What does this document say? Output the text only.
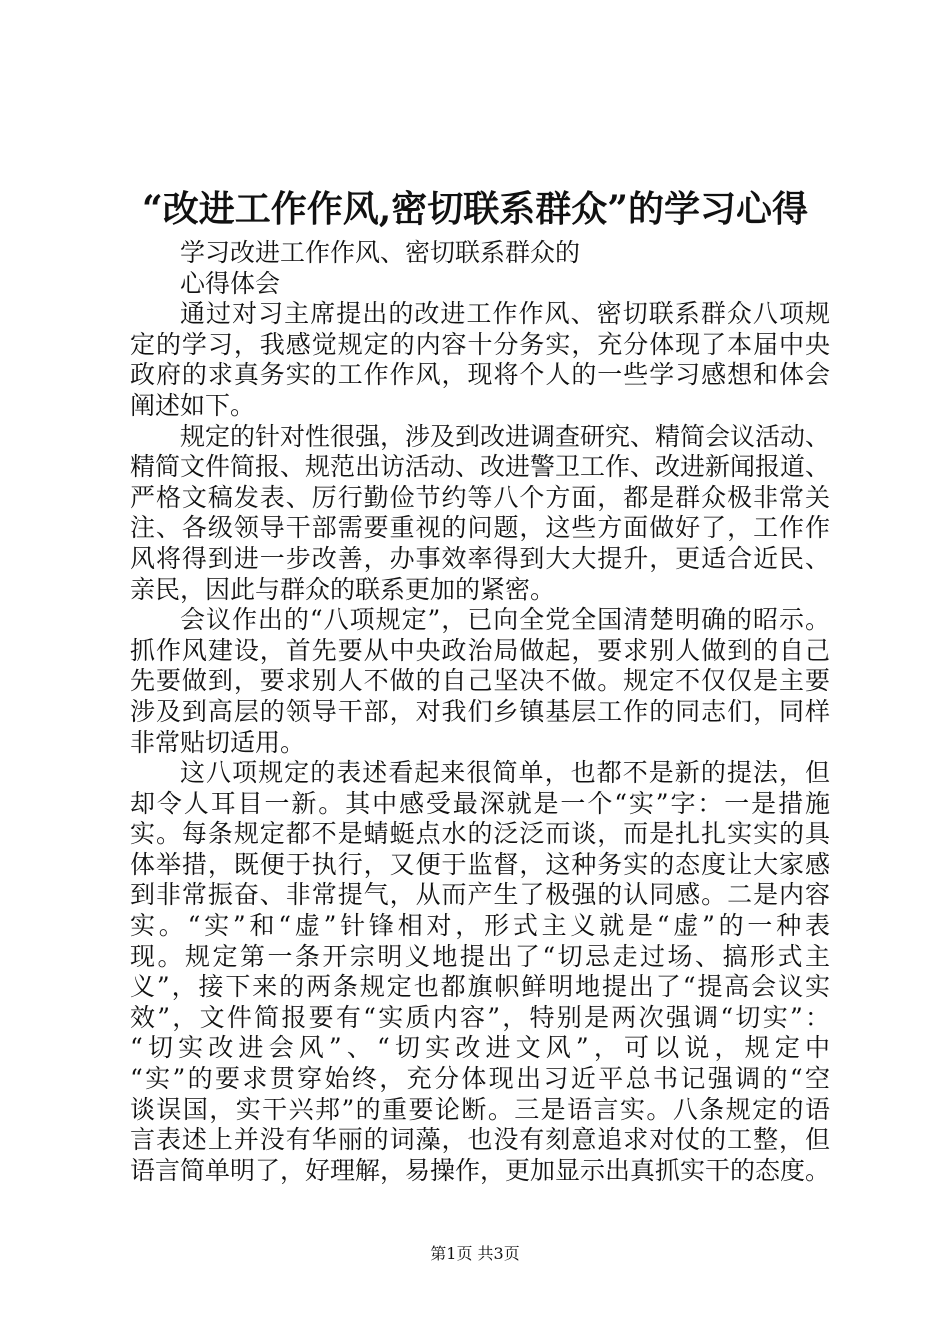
“改进工作作风,密切联系群众”的学习心得
学习改进工作作风、密切联系群众的
心得体会
通过对习主席提出的改进工作作风、密切联系群众八项规
定的学习，我感觉规定的内容十分务实，充分体现了本届中央
政府的求真务实的工作作风，现将个人的一些学习感想和体会
阐述如下。
规定的针对性很强，涉及到改进调查研究、精简会议活动、
精简文件简报、规范出访活动、改进警卫工作、改进新闻报道、
严格文稿发表、厉行勤俭节约等八个方面，都是群众极非常关
注、各级领导干部需要重视的问题，这些方面做好了，工作作
风将得到进一步改善，办事效率得到大大提升，更适合近民、
亲民，因此与群众的联系更加的紧密。
会议作出的“八项规定”，已向全党全国清楚明确的昭示。
抓作风建设，首先要从中央政治局做起，要求别人做到的自己
先要做到，要求别人不做的自己坚决不做。规定不仅仅是主要
涉及到高层的领导干部，对我们乡镇基层工作的同志们，同样
非常贴切适用。
这八项规定的表述看起来很简单，也都不是新的提法，但
却令人耳目一新。其中感受最深就是一个“实”字：一是措施
实。每条规定都不是蜻蜓点水的泛泛而谈，而是扎扎实实的具
体举措，既便于执行，又便于监督，这种务实的态度让大家感
到非常振奋、非常提气，从而产生了极强的认同感。二是内容
实。“实”和“虚”针锋相对，形式主义就是“虚”的一种表
现。规定第一条开宗明义地提出了“切忌走过场、搞形式主
义”，接下来的两条规定也都旗帜鲜明地提出了“提高会议实
效”，文件简报要有“实质内容”，特别是两次强调“切实”：
“切实改进会风”、“切实改进文风”，可以说，规定中
“实”的要求贯穿始终，充分体现出习近平总书记强调的“空
谈误国，实干兴邦”的重要论断。三是语言实。八条规定的语
言表述上并没有华丽的词藻，也没有刻意追求对仗的工整，但
语言简单明了，好理解，易操作，更加显示出真抓实干的态度。
第1页 共3页
